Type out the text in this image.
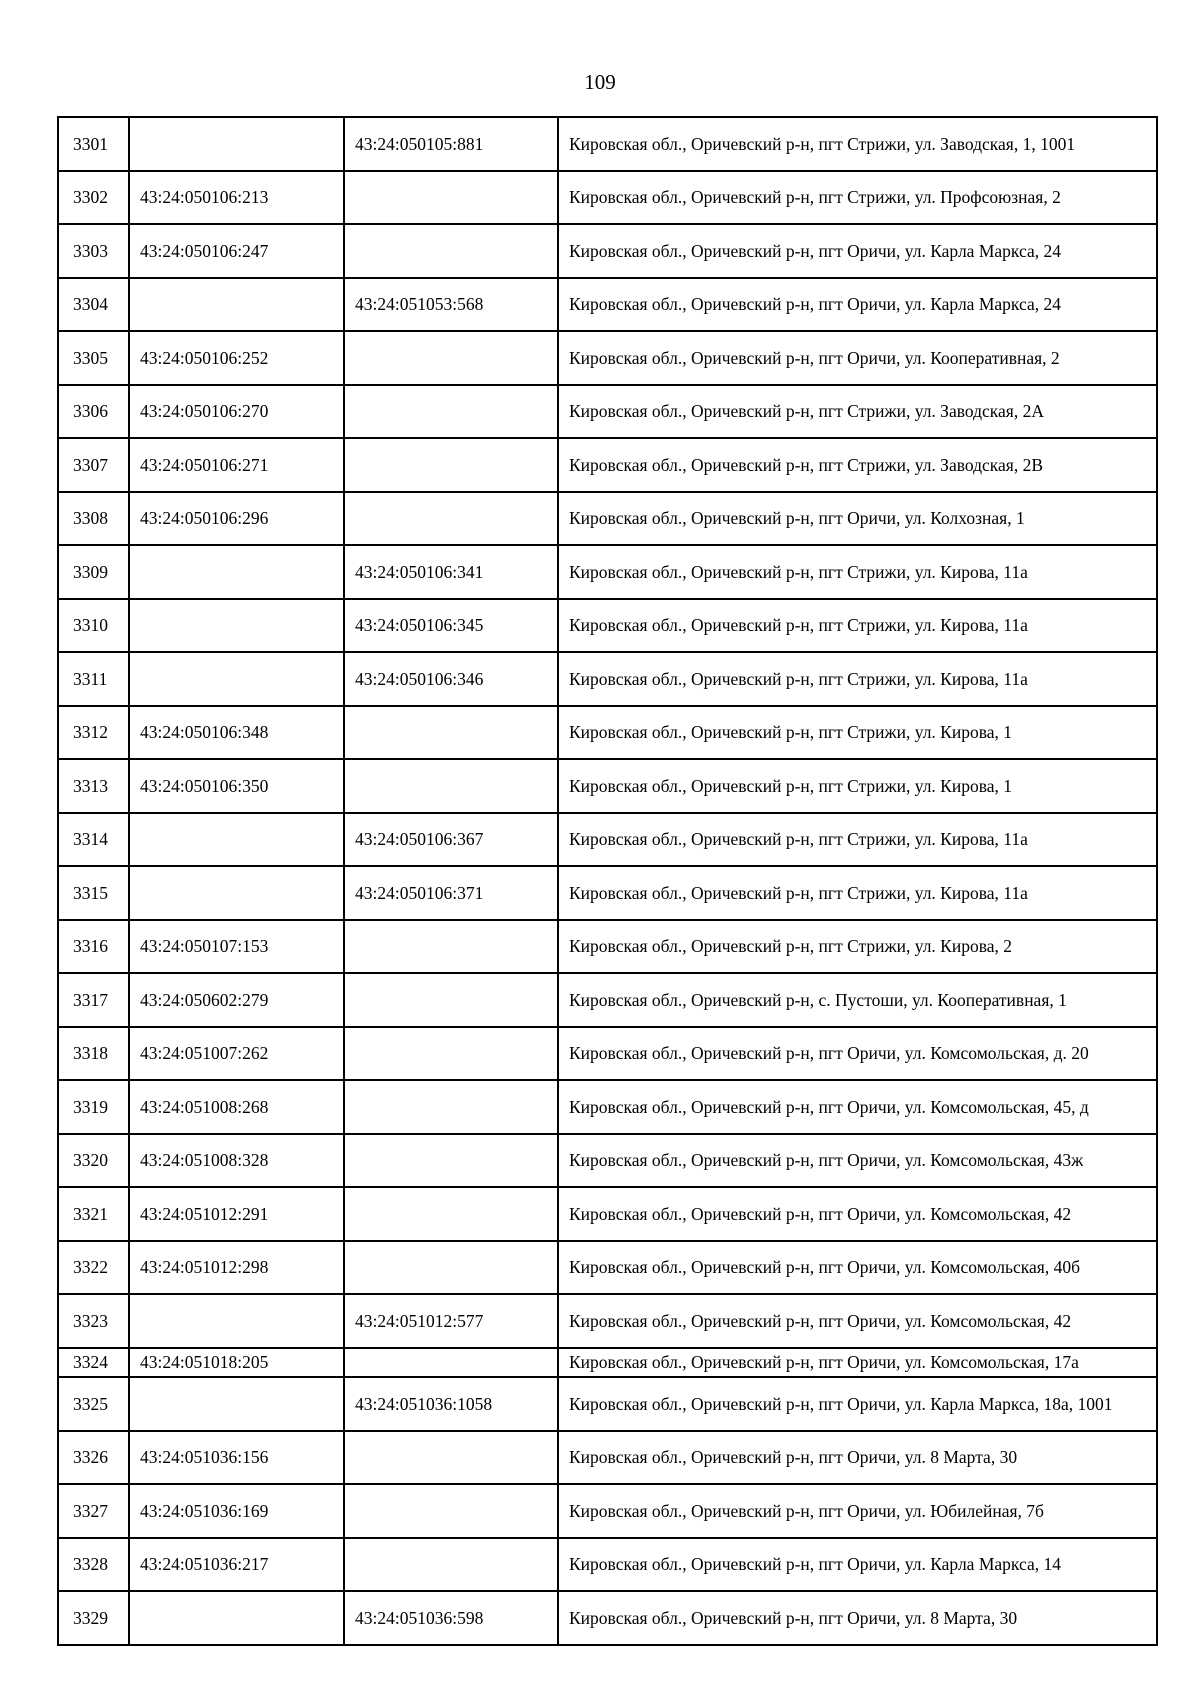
109
3301		43:24:050105:881	Кировская обл., Оричевский р-н, пгт Стрижи, ул. Заводская, 1, 1001
3302	43:24:050106:213		Кировская обл., Оричевский р-н, пгт Стрижи, ул. Профсоюзная, 2
3303	43:24:050106:247		Кировская обл., Оричевский р-н, пгт Оричи, ул. Карла Маркса, 24
3304		43:24:051053:568	Кировская обл., Оричевский р-н, пгт Оричи, ул. Карла Маркса, 24
3305	43:24:050106:252		Кировская обл., Оричевский р-н, пгт Оричи, ул. Кооперативная, 2
3306	43:24:050106:270		Кировская обл., Оричевский р-н, пгт Стрижи, ул. Заводская, 2А
3307	43:24:050106:271		Кировская обл., Оричевский р-н, пгт Стрижи, ул. Заводская, 2В
3308	43:24:050106:296		Кировская обл., Оричевский р-н, пгт Оричи, ул. Колхозная, 1
3309		43:24:050106:341	Кировская обл., Оричевский р-н, пгт Стрижи, ул. Кирова, 11а
3310		43:24:050106:345	Кировская обл., Оричевский р-н, пгт Стрижи, ул. Кирова, 11а
3311		43:24:050106:346	Кировская обл., Оричевский р-н, пгт Стрижи, ул. Кирова, 11а
3312	43:24:050106:348		Кировская обл., Оричевский р-н, пгт Стрижи, ул. Кирова, 1
3313	43:24:050106:350		Кировская обл., Оричевский р-н, пгт Стрижи, ул. Кирова, 1
3314		43:24:050106:367	Кировская обл., Оричевский р-н, пгт Стрижи, ул. Кирова, 11а
3315		43:24:050106:371	Кировская обл., Оричевский р-н, пгт Стрижи, ул. Кирова, 11а
3316	43:24:050107:153		Кировская обл., Оричевский р-н, пгт Стрижи, ул. Кирова, 2
3317	43:24:050602:279		Кировская обл., Оричевский р-н, с. Пустоши, ул. Кооперативная, 1
3318	43:24:051007:262		Кировская обл., Оричевский р-н, пгт Оричи, ул. Комсомольская, д. 20
3319	43:24:051008:268		Кировская обл., Оричевский р-н, пгт Оричи, ул. Комсомольская, 45, д
3320	43:24:051008:328		Кировская обл., Оричевский р-н, пгт Оричи, ул. Комсомольская, 43ж
3321	43:24:051012:291		Кировская обл., Оричевский р-н, пгт Оричи, ул. Комсомольская, 42
3322	43:24:051012:298		Кировская обл., Оричевский р-н, пгт Оричи, ул. Комсомольская, 40б
3323		43:24:051012:577	Кировская обл., Оричевский р-н, пгт Оричи, ул. Комсомольская, 42
3324	43:24:051018:205		Кировская обл., Оричевский р-н, пгт Оричи, ул. Комсомольская, 17а
3325		43:24:051036:1058	Кировская обл., Оричевский р-н, пгт Оричи, ул. Карла Маркса, 18а, 1001
3326	43:24:051036:156		Кировская обл., Оричевский р-н, пгт Оричи, ул. 8 Марта, 30
3327	43:24:051036:169		Кировская обл., Оричевский р-н, пгт Оричи, ул. Юбилейная, 7б
3328	43:24:051036:217		Кировская обл., Оричевский р-н, пгт Оричи, ул. Карла Маркса, 14
3329		43:24:051036:598	Кировская обл., Оричевский р-н, пгт Оричи, ул. 8 Марта, 30
